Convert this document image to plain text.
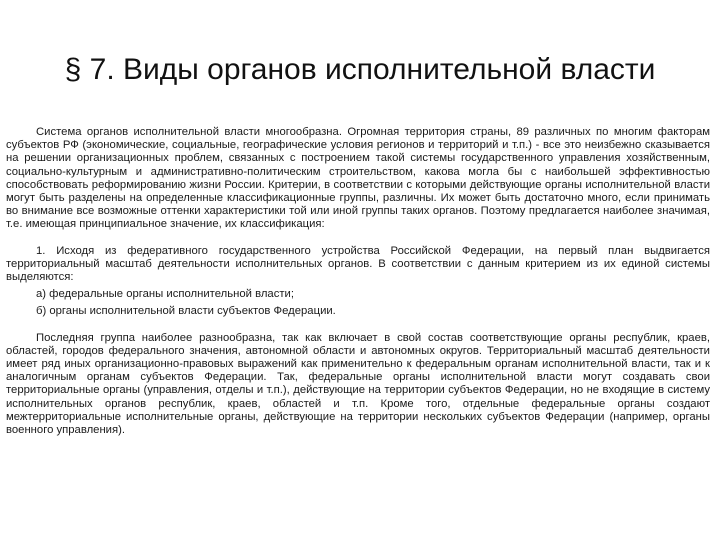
§ 7. Виды органов исполнительной власти

Система органов исполнительной власти многообразна. Огромная территория страны, 89 различных по многим факторам субъектов РФ (экономические, социальные, географические условия регионов и территорий и т.п.) - все это неизбежно сказывается на решении организационных проблем, связанных с построением такой системы государственного управления хозяйственным, социально-культурным и административно-политическим строительством, какова могла бы с наибольшей эффективностью способствовать реформированию жизни России. Критерии, в соответствии с которыми действующие органы исполнительной власти могут быть разделены на определенные классификационные группы, различны. Их может быть достаточно много, если принимать во внимание все возможные оттенки характеристики той или иной группы таких органов. Поэтому предлагается наиболее значимая, т.е. имеющая принципиальное значение, их классификация:

1. Исходя из федеративного государственного устройства Российской Федерации, на первый план выдвигается территориальный масштаб деятельности исполнительных органов. В соответствии с данным критерием из их единой системы выделяются:

а) федеральные органы исполнительной власти;

б) органы исполнительной власти субъектов Федерации.

Последняя группа наиболее разнообразна, так как включает в свой состав соответствующие органы республик, краев, областей, городов федерального значения, автономной области и автономных округов. Территориальный масштаб деятельности имеет ряд иных организационно-правовых выражений как применительно к федеральным органам исполнительной власти, так и к аналогичным органам субъектов Федерации. Так, федеральные органы исполнительной власти могут создавать свои территориальные органы (управления, отделы и т.п.), действующие на территории субъектов Федерации, но не входящие в систему исполнительных органов республик, краев, областей и т.п. Кроме того, отдельные федеральные органы создают межтерриториальные исполнительные органы, действующие на территории нескольких субъектов Федерации (например, органы военного управления).
